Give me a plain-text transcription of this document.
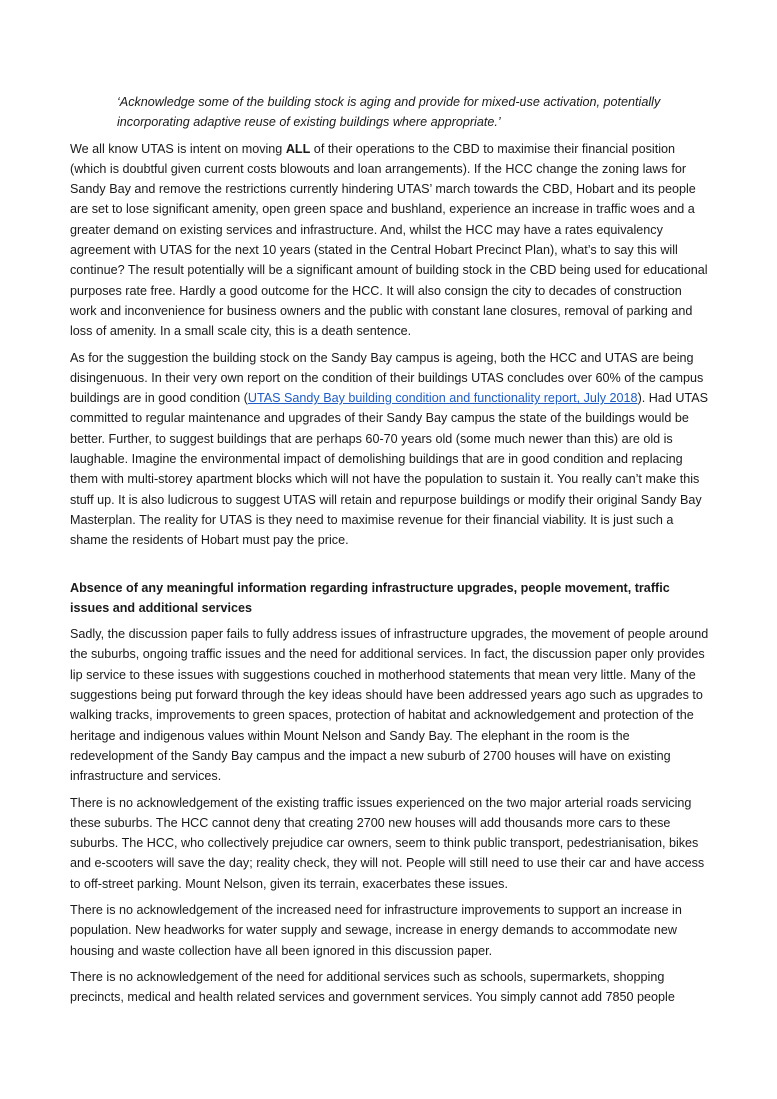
‘Acknowledge some of the building stock is aging and provide for mixed-use activation, potentially incorporating adaptive reuse of existing buildings where appropriate.’

We all know UTAS is intent on moving ALL of their operations to the CBD to maximise their financial position (which is doubtful given current costs blowouts and loan arrangements). If the HCC change the zoning laws for Sandy Bay and remove the restrictions currently hindering UTAS’ march towards the CBD, Hobart and its people are set to lose significant amenity, open green space and bushland, experience an increase in traffic woes and a greater demand on existing services and infrastructure. And, whilst the HCC may have a rates equivalency agreement with UTAS for the next 10 years (stated in the Central Hobart Precinct Plan), what’s to say this will continue? The result potentially will be a significant amount of building stock in the CBD being used for educational purposes rate free. Hardly a good outcome for the HCC. It will also consign the city to decades of construction work and inconvenience for business owners and the public with constant lane closures, removal of parking and loss of amenity. In a small scale city, this is a death sentence.

As for the suggestion the building stock on the Sandy Bay campus is ageing, both the HCC and UTAS are being disingenuous. In their very own report on the condition of their buildings UTAS concludes over 60% of the campus buildings are in good condition (UTAS Sandy Bay building condition and functionality report, July 2018). Had UTAS committed to regular maintenance and upgrades of their Sandy Bay campus the state of the buildings would be better. Further, to suggest buildings that are perhaps 60-70 years old (some much newer than this) are old is laughable. Imagine the environmental impact of demolishing buildings that are in good condition and replacing them with multi-storey apartment blocks which will not have the population to sustain it. You really can’t make this stuff up. It is also ludicrous to suggest UTAS will retain and repurpose buildings or modify their original Sandy Bay Masterplan. The reality for UTAS is they need to maximise revenue for their financial viability. It is just such a shame the residents of Hobart must pay the price.

Absence of any meaningful information regarding infrastructure upgrades, people movement, traffic issues and additional services

Sadly, the discussion paper fails to fully address issues of infrastructure upgrades, the movement of people around the suburbs, ongoing traffic issues and the need for additional services. In fact, the discussion paper only provides lip service to these issues with suggestions couched in motherhood statements that mean very little. Many of the suggestions being put forward through the key ideas should have been addressed years ago such as upgrades to walking tracks, improvements to green spaces, protection of habitat and acknowledgement and protection of the heritage and indigenous values within Mount Nelson and Sandy Bay. The elephant in the room is the redevelopment of the Sandy Bay campus and the impact a new suburb of 2700 houses will have on existing infrastructure and services.

There is no acknowledgement of the existing traffic issues experienced on the two major arterial roads servicing these suburbs. The HCC cannot deny that creating 2700 new houses will add thousands more cars to these suburbs. The HCC, who collectively prejudice car owners, seem to think public transport, pedestrianisation, bikes and e-scooters will save the day; reality check, they will not. People will still need to use their car and have access to off-street parking. Mount Nelson, given its terrain, exacerbates these issues.

There is no acknowledgement of the increased need for infrastructure improvements to support an increase in population. New headworks for water supply and sewage, increase in energy demands to accommodate new housing and waste collection have all been ignored in this discussion paper.

There is no acknowledgement of the need for additional services such as schools, supermarkets, shopping precincts, medical and health related services and government services. You simply cannot add 7850 people
